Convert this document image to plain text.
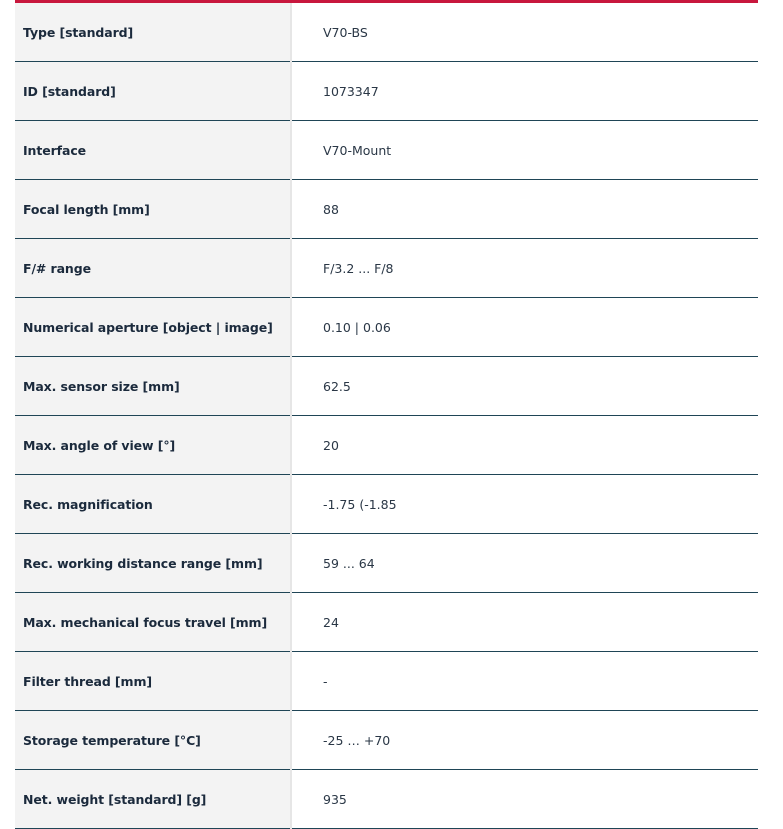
Type [standard]	V70-BS
ID [standard]	1073347
Interface	V70-Mount
Focal length [mm]	88
F/# range	F/3.2 ... F/8
Numerical aperture [object | image]	0.10 | 0.06
Max. sensor size [mm]	62.5
Max. angle of view [°]	20
Rec. magnification	-1.75 (-1.85
Rec. working distance range [mm]	59 ... 64
Max. mechanical focus travel [mm]	24
Filter thread [mm]	-
Storage temperature [°C]	-25 … +70
Net. weight [standard] [g]	935
